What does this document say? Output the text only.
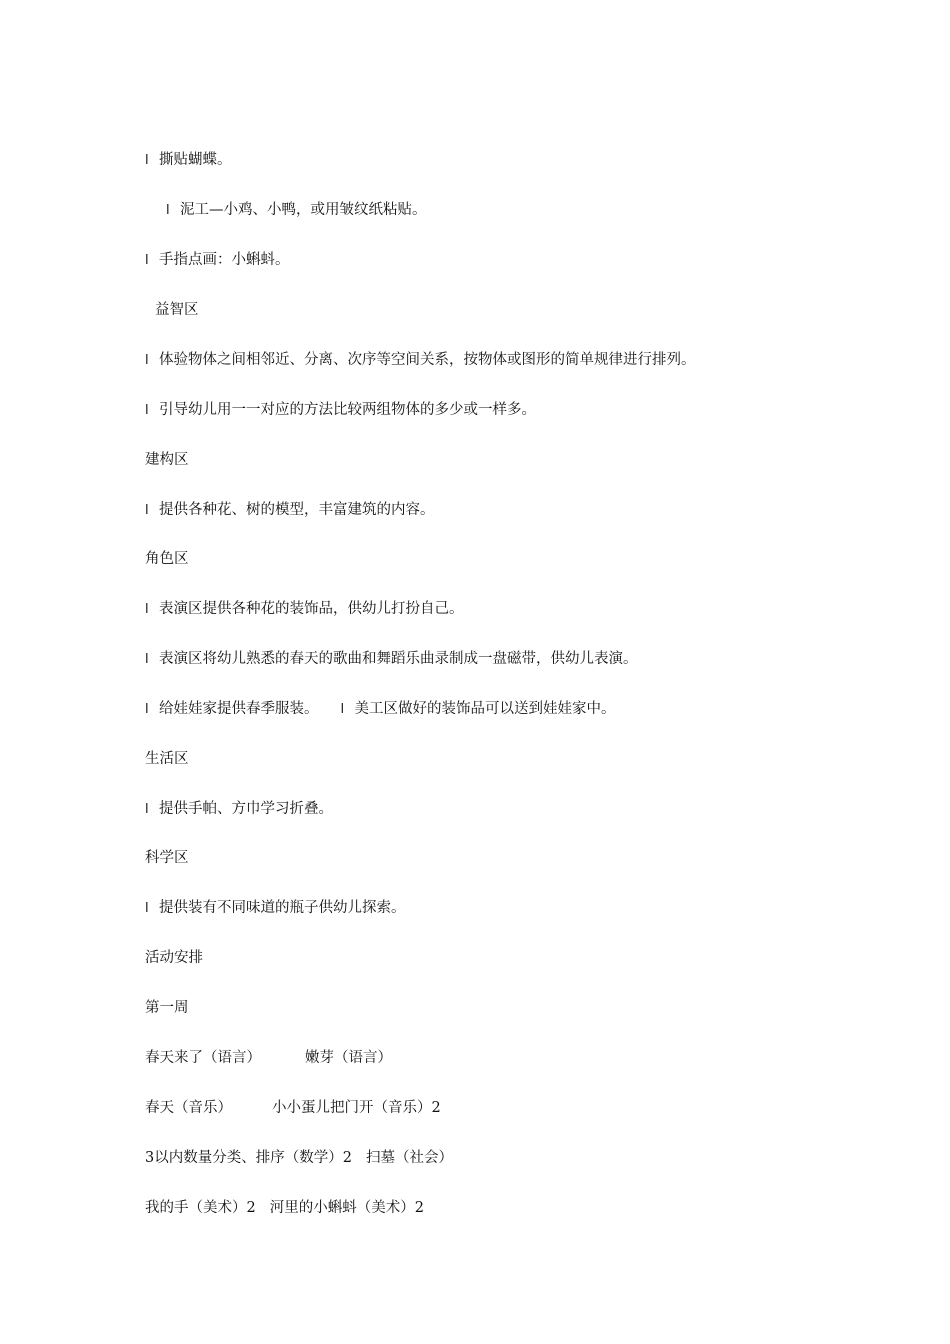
l 撕贴蝴蝶。
l 泥工—小鸡、小鸭，或用皱纹纸粘贴。
l 手指点画：小蝌蚪。
益智区
l 体验物体之间相邻近、分离、次序等空间关系，按物体或图形的简单规律进行排列。
l 引导幼儿用一一对应的方法比较两组物体的多少或一样多。
建构区
l 提供各种花、树的模型，丰富建筑的内容。
角色区
l 表演区提供各种花的装饰品，供幼儿打扮自己。
l 表演区将幼儿熟悉的春天的歌曲和舞蹈乐曲录制成一盘磁带，供幼儿表演。
l 给娃娃家提供春季服装。 l 美工区做好的装饰品可以送到娃娃家中。
生活区
l 提供手帕、方巾学习折叠。
科学区
l 提供装有不同味道的瓶子供幼儿探索。
活动安排
第一周
春天来了（语言）	嫩芽（语言）
春天（音乐）	小小蛋儿把门开（音乐）2
3以内数量分类、排序（数学）2 扫墓（社会）
我的手（美术）2 河里的小蝌蚪（美术）2
